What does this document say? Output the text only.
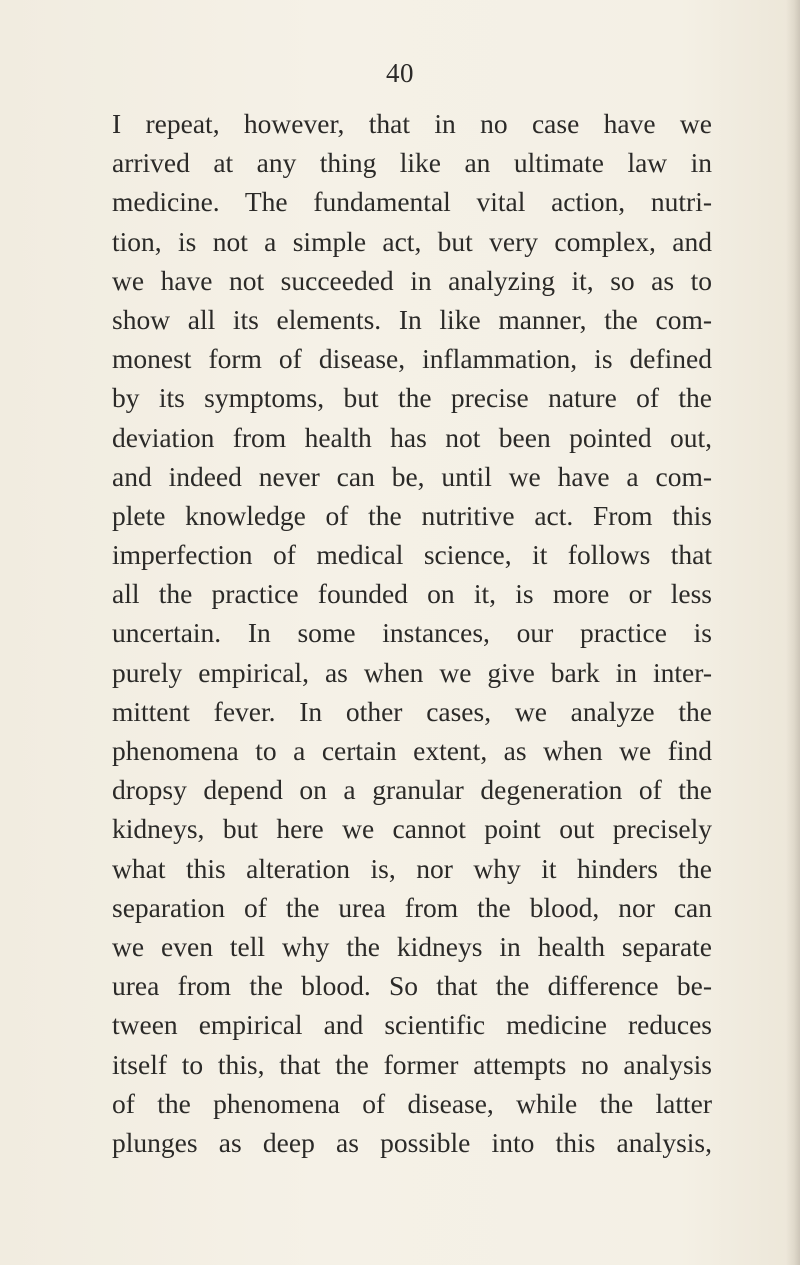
40
I repeat, however, that in no case have we
arrived at any thing like an ultimate law in
medicine. The fundamental vital action, nutri-
tion, is not a simple act, but very complex, and
we have not succeeded in analyzing it, so as to
show all its elements. In like manner, the com-
monest form of disease, inflammation, is defined
by its symptoms, but the precise nature of the
deviation from health has not been pointed out,
and indeed never can be, until we have a com-
plete knowledge of the nutritive act. From this
imperfection of medical science, it follows that
all the practice founded on it, is more or less
uncertain. In some instances, our practice is
purely empirical, as when we give bark in inter-
mittent fever. In other cases, we analyze the
phenomena to a certain extent, as when we find
dropsy depend on a granular degeneration of the
kidneys, but here we cannot point out precisely
what this alteration is, nor why it hinders the
separation of the urea from the blood, nor can
we even tell why the kidneys in health separate
urea from the blood. So that the difference be-
tween empirical and scientific medicine reduces
itself to this, that the former attempts no analysis
of the phenomena of disease, while the latter
plunges as deep as possible into this analysis,
